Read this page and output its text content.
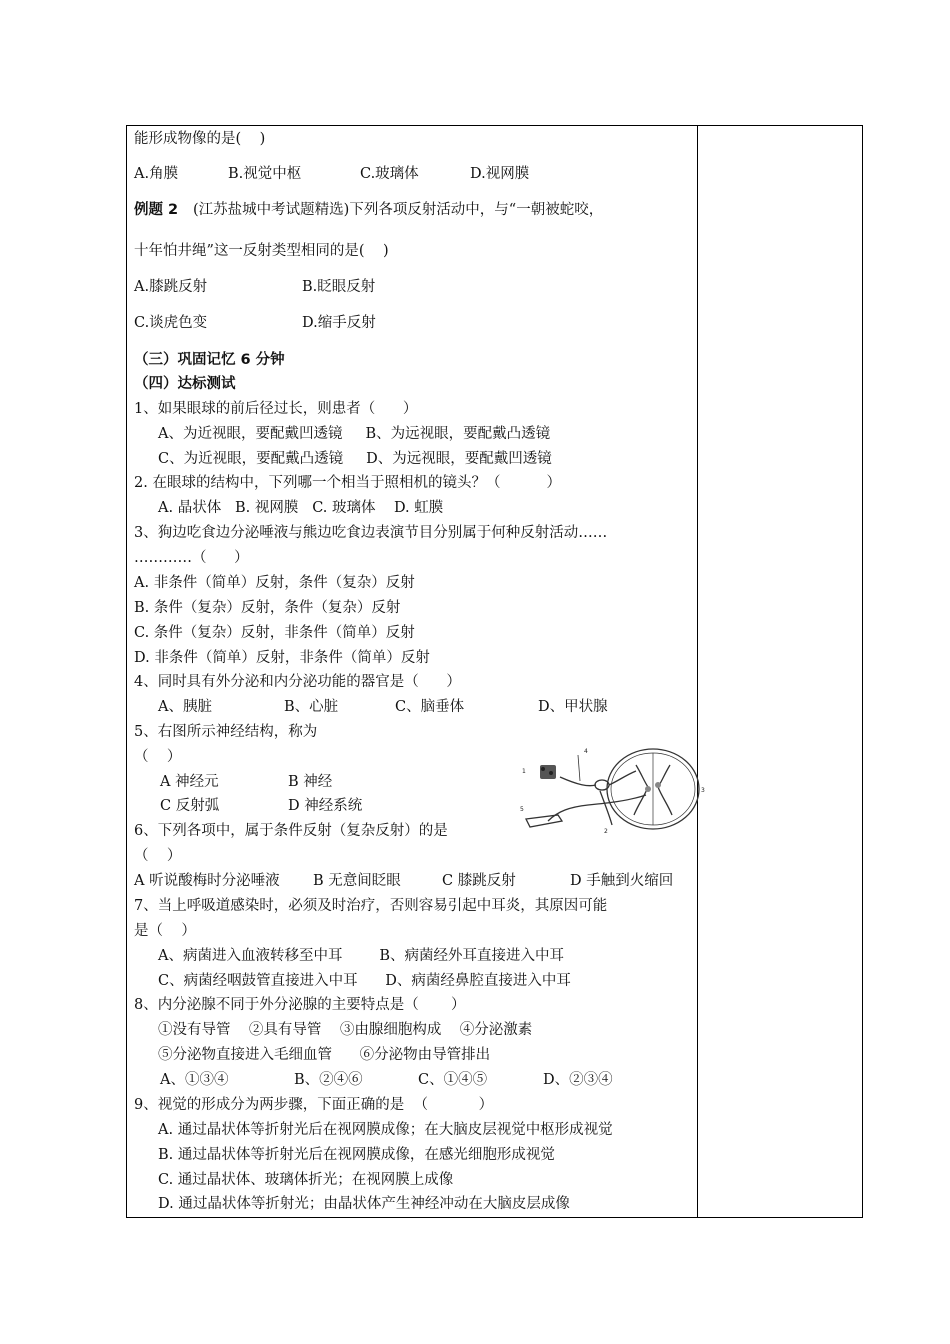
能形成物像的是(    )
A.角膜	B.视觉中枢	C.玻璃体	D.视网膜
例题 2 (江苏盐城中考试题精选)下列各项反射活动中，与“一朝被蛇咬，
十年怕井绳”这一反射类型相同的是(    )
A.膝跳反射	B.眨眼反射
C.谈虎色变	D.缩手反射
（三）巩固记忆 6 分钟
（四）达标测试
1、如果眼球的前后径过长，则患者（      ）
A、为近视眼，要配戴凹透镜     B、为远视眼，要配戴凸透镜
C、为近视眼，要配戴凸透镜     D、为远视眼，要配戴凹透镜
2. 在眼球的结构中，下列哪一个相当于照相机的镜头？（          ）
A. 晶状体   B. 视网膜   C. 玻璃体    D. 虹膜
3、狗边吃食边分泌唾液与熊边吃食边表演节目分别属于何种反射活动……
…………（      ）
A. 非条件（简单）反射，条件（复杂）反射
B. 条件（复杂）反射，条件（复杂）反射
C. 条件（复杂）反射，非条件（简单）反射
D. 非条件（简单）反射，非条件（简单）反射
4、同时具有外分泌和内分泌功能的器官是（      ）
A、胰脏	B、心脏	C、脑垂体	D、甲状腺
5、右图所示神经结构，称为
（    ）
A 神经元	B 神经
C 反射弧	D 神经系统
1
2
3
4
5
6、下列各项中，属于条件反射（复杂反射）的是
（    ）
A 听说酸梅时分泌唾液 B 无意间眨眼	C 膝跳反射	D 手触到火缩回
7、当上呼吸道感染时，必须及时治疗，否则容易引起中耳炎，其原因可能
是（    ）
A、病菌进入血液转移至中耳        B、病菌经外耳直接进入中耳
C、病菌经咽鼓管直接进入中耳      D、病菌经鼻腔直接进入中耳
8、内分泌腺不同于外分泌腺的主要特点是（       ）
①没有导管    ②具有导管    ③由腺细胞构成    ④分泌激素
⑤分泌物直接进入毛细血管      ⑥分泌物由导管排出
A、①③④	B、②④⑥	C、①④⑤	D、②③④
9、视觉的形成分为两步骤，下面正确的是  （           ）
A. 通过晶状体等折射光后在视网膜成像；在大脑皮层视觉中枢形成视觉
B. 通过晶状体等折射光后在视网膜成像，在感光细胞形成视觉
C. 通过晶状体、玻璃体折光；在视网膜上成像
D. 通过晶状体等折射光；由晶状体产生神经冲动在大脑皮层成像
